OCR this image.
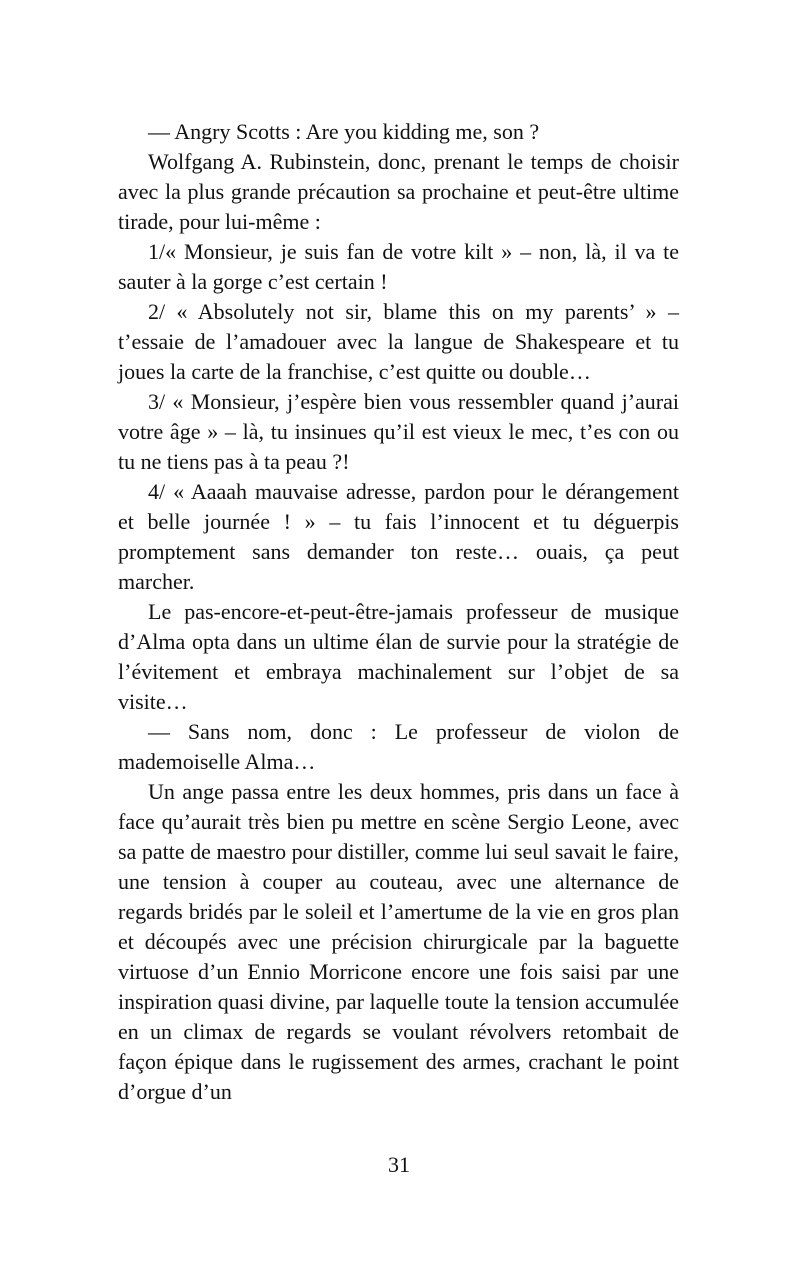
— Angry Scotts : Are you kidding me, son ?

Wolfgang A. Rubinstein, donc, prenant le temps de choisir avec la plus grande précaution sa prochaine et peut-être ultime tirade, pour lui-même :

1/« Monsieur, je suis fan de votre kilt » – non, là, il va te sauter à la gorge c’est certain !

2/ « Absolutely not sir, blame this on my parents’ » – t’essaie de l’amadouer avec la langue de Shakespeare et tu joues la carte de la franchise, c’est quitte ou double…

3/ « Monsieur, j’espère bien vous ressembler quand j’aurai votre âge » – là, tu insinues qu’il est vieux le mec, t’es con ou tu ne tiens pas à ta peau ?!

4/ « Aaaah mauvaise adresse, pardon pour le dérangement et belle journée ! » – tu fais l’innocent et tu déguerpis promptement sans demander ton reste… ouais, ça peut marcher.

Le pas-encore-et-peut-être-jamais professeur de musique d’Alma opta dans un ultime élan de survie pour la stratégie de l’évitement et embraya machinalement sur l’objet de sa visite…

— Sans nom, donc : Le professeur de violon de mademoiselle Alma…

Un ange passa entre les deux hommes, pris dans un face à face qu’aurait très bien pu mettre en scène Sergio Leone, avec sa patte de maestro pour distiller, comme lui seul savait le faire, une tension à couper au couteau, avec une alternance de regards bridés par le soleil et l’amertume de la vie en gros plan et découpés avec une précision chirurgicale par la baguette virtuose d’un Ennio Morricone encore une fois saisi par une inspiration quasi divine, par laquelle toute la tension accumulée en un climax de regards se voulant révolvers retombait de façon épique dans le rugissement des armes, crachant le point d’orgue d’un

31
